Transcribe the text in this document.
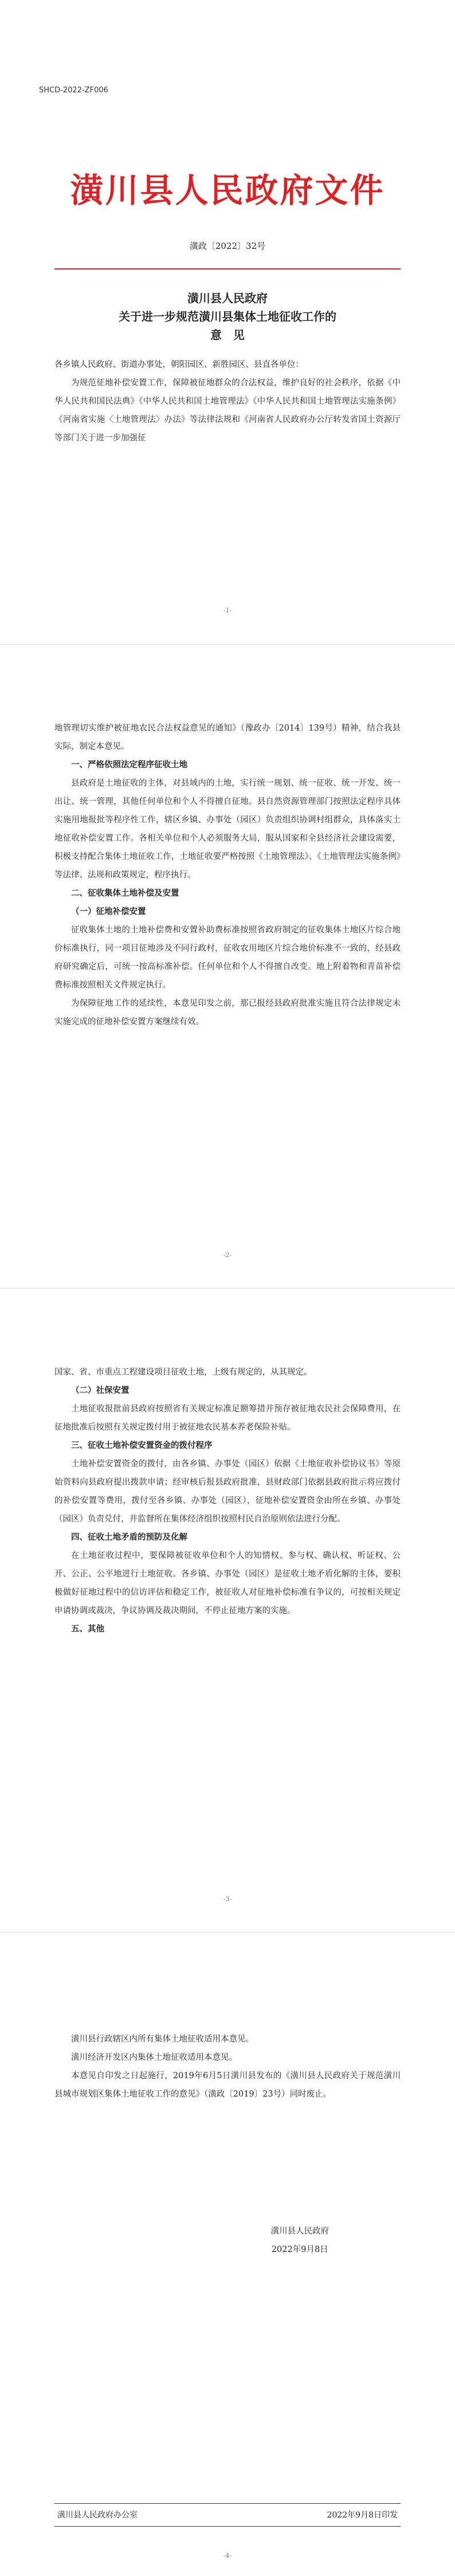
SHCD-2022-ZF006
潢川县人民政府文件
潢政〔2022〕32号
潢川县人民政府
关于进一步规范潢川县集体土地征收工作的
意　见

各乡镇人民政府、街道办事处，朝阳园区、新胜园区、县直各单位：

为规范征地补偿安置工作，保障被征地群众的合法权益，维护良好的社会秩序，依据《中华人民共和国民法典》《中华人民共和国土地管理法》《中华人民共和国土地管理法实施条例》《河南省实施〈土地管理法〉办法》等法律法规和《河南省人民政府办公厅转发省国土资源厅等部门关于进一步加强征

-1-

地管理切实维护被征地农民合法权益意见的通知》（豫政办〔2014〕139号）精神，结合我县实际，制定本意见。

一、严格依照法定程序征收土地

县政府是土地征收的主体，对县域内的土地，实行统一规划、统一征收、统一开发、统一出让、统一管理，其他任何单位和个人不得擅自征地。县自然资源管理部门按照法定程序具体实施用地报批等程序性工作，辖区乡镇、办事处（园区）负责组织协调村组群众，具体落实土地征收补偿安置工作。各相关单位和个人必须服务大局，服从国家和全县经济社会建设需要，积极支持配合集体土地征收工作，土地征收要严格按照《土地管理法》、《土地管理法实施条例》等法律、法规和政策规定，程序执行。

二、征收集体土地补偿及安置

（一）征地补偿安置

征收集体土地的土地补偿费和安置补助费标准按照省政府制定的征收集体土地区片综合地价标准执行，同一项目征地涉及不同行政村，征收农用地区片综合地价标准不一致的，经县政府研究确定后，可统一按高标准补偿。任何单位和个人不得擅自改变。地上附着物和青苗补偿费标准按照相关文件规定执行。

为保障征地工作的延续性，本意见印发之前，那已报经县政府批准实施且符合法律规定未实施完成的征地补偿安置方案继续有效。

-2-

国家、省、市重点工程建设项目征收土地，上级有规定的，从其规定。

（二）社保安置

土地征收报批前县政府按照省有关规定标准足额筹措并预存被征地农民社会保障费用，在征地批准后按照有关规定拨付用于被征地农民基本养老保险补贴。

三、征收土地补偿安置资金的拨付程序

土地补偿安置资金的拨付，由各乡镇、办事处（园区）依据《土地征收补偿协议书》等原始资料向县政府提出拨款申请；经审核后报县政府批准，县财政部门依据县政府批示将应拨付的补偿安置等费用，拨付至各乡镇、办事处（园区），征地补偿安置资金由所在乡镇、办事处（园区）负责兑付，并监督所在集体经济组织按照村民自治原则依法进行分配。

四、征收土地矛盾的预防及化解

在土地征收过程中，要保障被征收单位和个人的知情权、参与权、确认权、听证权、公开、公正、公平地进行土地征收。各乡镇、办事处（园区）是征收土地矛盾化解的主体，要积极做好征地过程中的信访评估和稳定工作，被征收人对征地补偿标准有争议的，可按相关规定申请协调或裁决，争议协调及裁决期间，不停止征地方案的实施。

五、其他

-3-

潢川县行政辖区内所有集体土地征收适用本意见。

潢川经济开发区内集体土地征收适用本意见。

本意见自印发之日起施行，2019年6月5日潢川县发布的《潢川县人民政府关于规范潢川县城市规划区集体土地征收工作的意见》（潢政〔2019〕23号）同时废止。

潢川县人民政府
2022年9月8日
潢川县人民政府办公室	2022年9月8日印发
-4-
